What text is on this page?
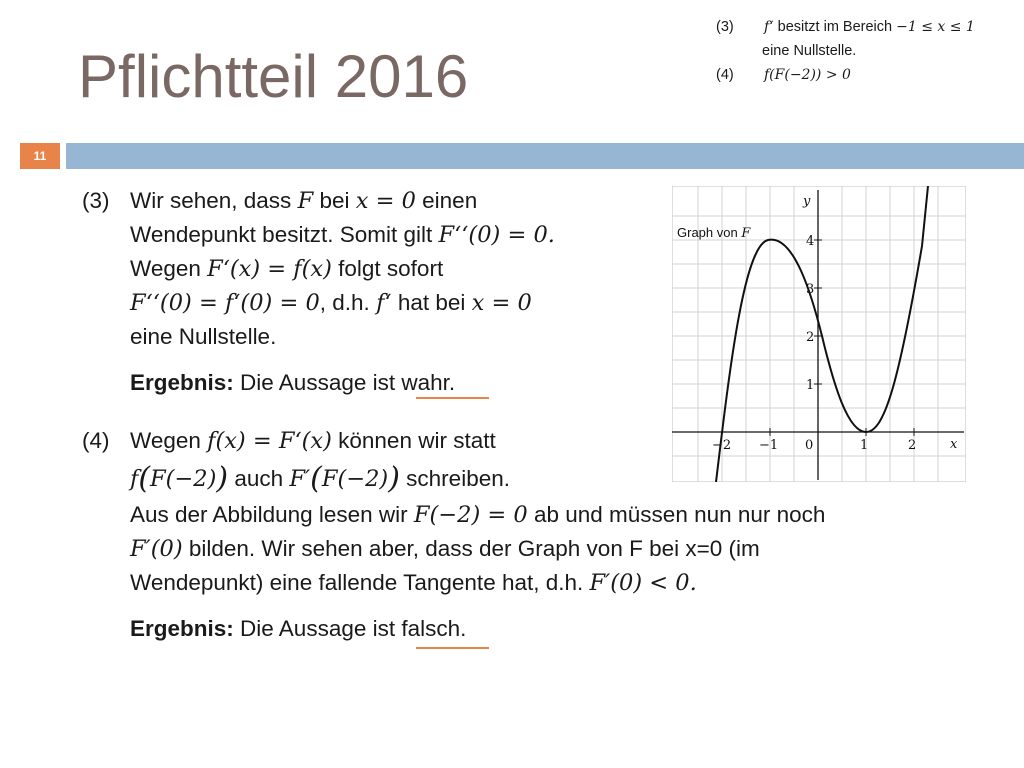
Pflichtteil 2016
(3) f‘ besitzt im Bereich −1 ≤ x ≤ 1
eine Nullstelle.
(4) f(F(−2)) > 0
11
(3) Wir sehen, dass F bei x = 0 einen
Wendepunkt besitzt. Somit gilt F‘‘(0) = 0.
Wegen F‘(x) = f(x) folgt sofort
F‘‘(0) = f‘(0) = 0, d.h. f‘ hat bei x = 0
eine Nullstelle.
Ergebnis: Die Aussage ist wahr.
(4) Wegen f(x) = F‘(x) können wir statt
f(F(−2)) auch F′(F(−2)) schreiben.
Aus der Abbildung lesen wir F(−2) = 0 ab und müssen nun nur noch
F′(0) bilden. Wir sehen aber, dass der Graph von F bei x=0 (im
Wendepunkt) eine fallende Tangente hat, d.h. F′(0) < 0.
Ergebnis: Die Aussage ist falsch.
−2 −1 0	1	2
1
2
3
4
x
y
Graph von F
